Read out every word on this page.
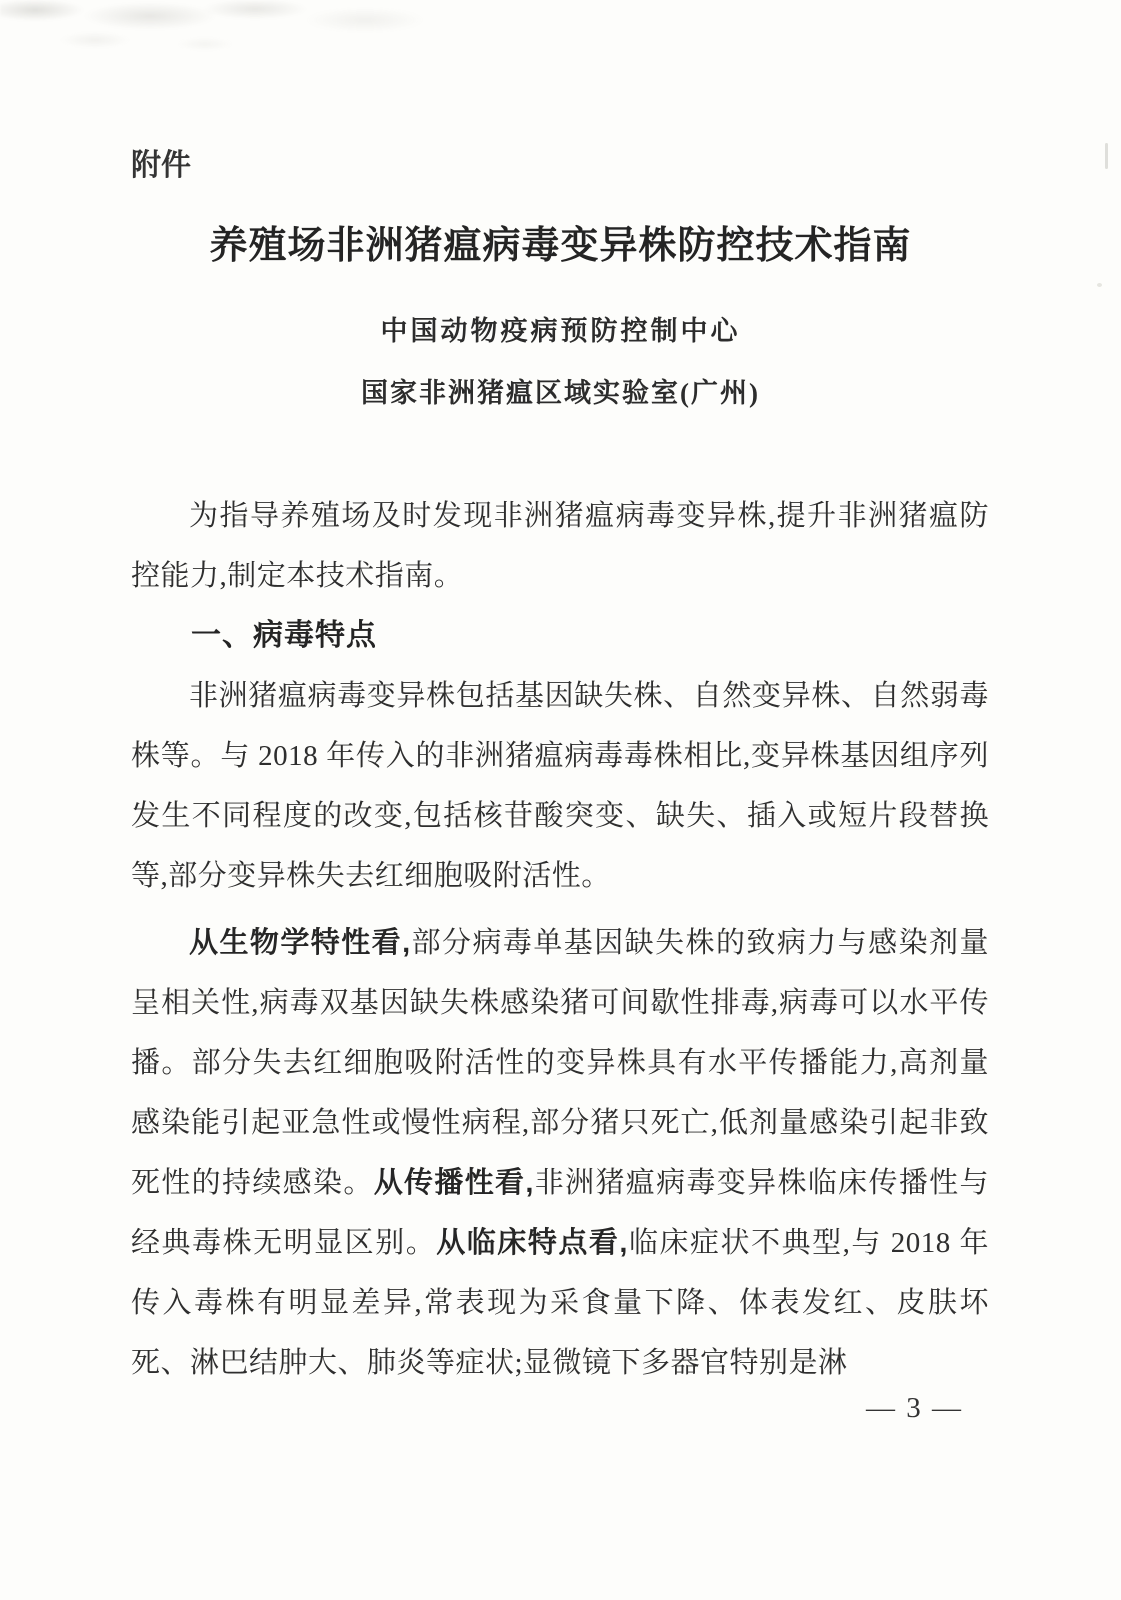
附件
养殖场非洲猪瘟病毒变异株防控技术指南
中国动物疫病预防控制中心
国家非洲猪瘟区域实验室(广州)

为指导养殖场及时发现非洲猪瘟病毒变异株,提升非洲猪瘟防控能力,制定本技术指南。

一、病毒特点

非洲猪瘟病毒变异株包括基因缺失株、自然变异株、自然弱毒株等。与 2018 年传入的非洲猪瘟病毒毒株相比,变异株基因组序列发生不同程度的改变,包括核苷酸突变、缺失、插入或短片段替换等,部分变异株失去红细胞吸附活性。

从生物学特性看,部分病毒单基因缺失株的致病力与感染剂量呈相关性,病毒双基因缺失株感染猪可间歇性排毒,病毒可以水平传播。部分失去红细胞吸附活性的变异株具有水平传播能力,高剂量感染能引起亚急性或慢性病程,部分猪只死亡,低剂量感染引起非致死性的持续感染。从传播性看,非洲猪瘟病毒变异株临床传播性与经典毒株无明显区别。从临床特点看,临床症状不典型,与 2018 年传入毒株有明显差异,常表现为采食量下降、体表发红、皮肤坏死、淋巴结肿大、肺炎等症状;显微镜下多器官特别是淋

— 3 —
